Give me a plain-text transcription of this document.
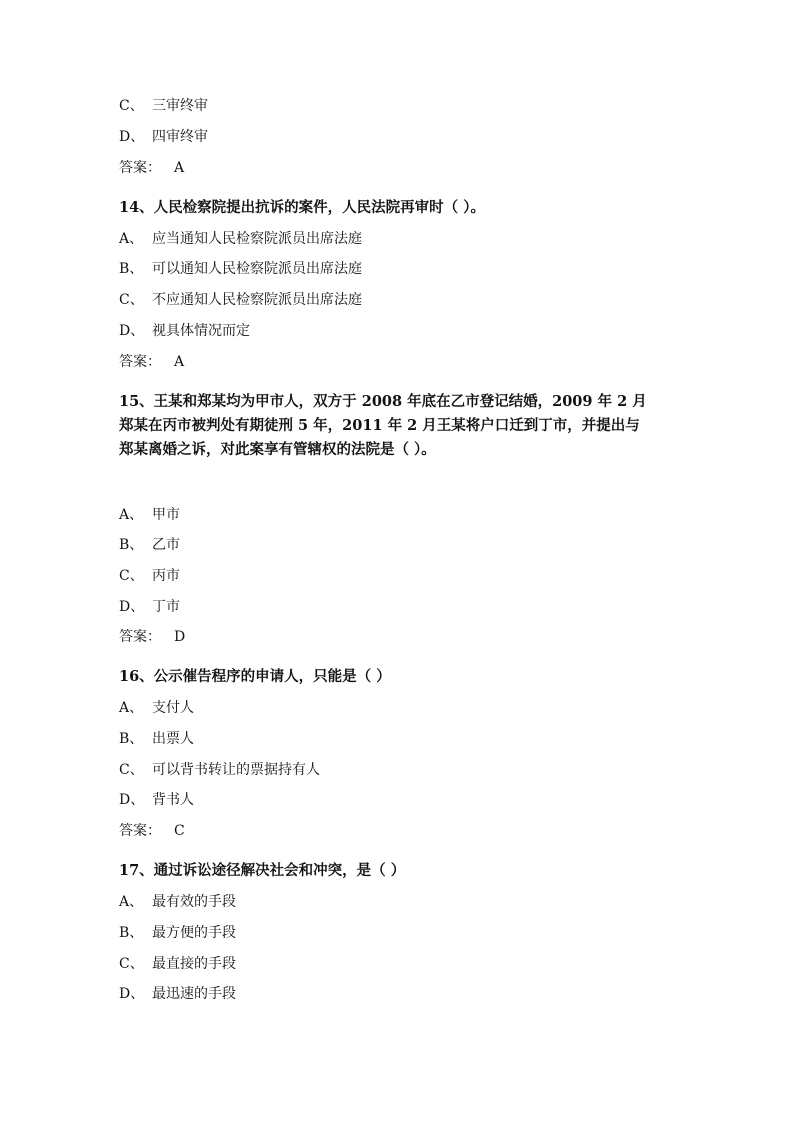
C、 三审终审
D、 四审终审
答案： A
14、人民检察院提出抗诉的案件，人民法院再审时（ ）。
A、 应当通知人民检察院派员出席法庭
B、 可以通知人民检察院派员出席法庭
C、 不应通知人民检察院派员出席法庭
D、 视具体情况而定
答案： A
15、王某和郑某均为甲市人，双方于 2008 年底在乙市登记结婚，2009 年 2 月
郑某在丙市被判处有期徒刑 5 年，2011 年 2 月王某将户口迁到丁市，并提出与
郑某离婚之诉，对此案享有管辖权的法院是（ ）。
A、 甲市
B、 乙市
C、 丙市
D、 丁市
答案： D
16、公示催告程序的申请人，只能是（ ）
A、 支付人
B、 出票人
C、 可以背书转让的票据持有人
D、 背书人
答案： C
17、通过诉讼途径解决社会和冲突，是（ ）
A、 最有效的手段
B、 最方便的手段
C、 最直接的手段
D、 最迅速的手段
